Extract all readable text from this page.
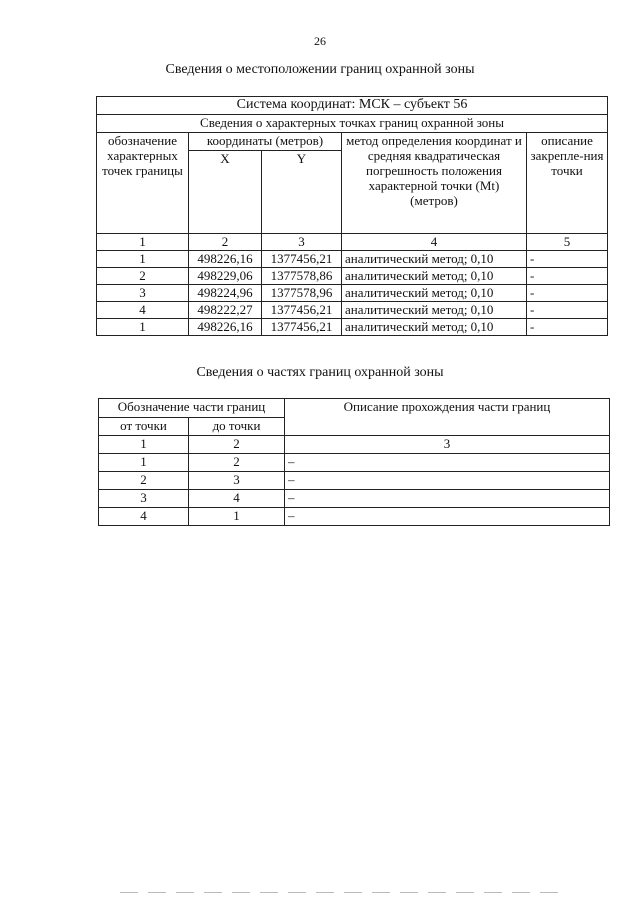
26
Сведения о местоположении границ охранной зоны
Система координат: МСК – субъект 56				
Сведения о характерных точках границ охранной зоны				
обозначение характерных точек границы	координаты (метров)		метод определения координат и средняя квадратическая погрешность положения характерной точки (Mt) (метров)	описание закрепле-ния точки
	X	Y		
1	2	3	4	5
1	498226,16	1377456,21	аналитический метод; 0,10	-
2	498229,06	1377578,86	аналитический метод; 0,10	-
3	498224,96	1377578,96	аналитический метод; 0,10	-
4	498222,27	1377456,21	аналитический метод; 0,10	-
1	498226,16	1377456,21	аналитический метод; 0,10	-
Сведения о частях границ охранной зоны
Обозначение части границ		Описание прохождения части границ
от точки	до точки	
1	2	3
1	2	–
2	3	–
3	4	–
4	1	–
